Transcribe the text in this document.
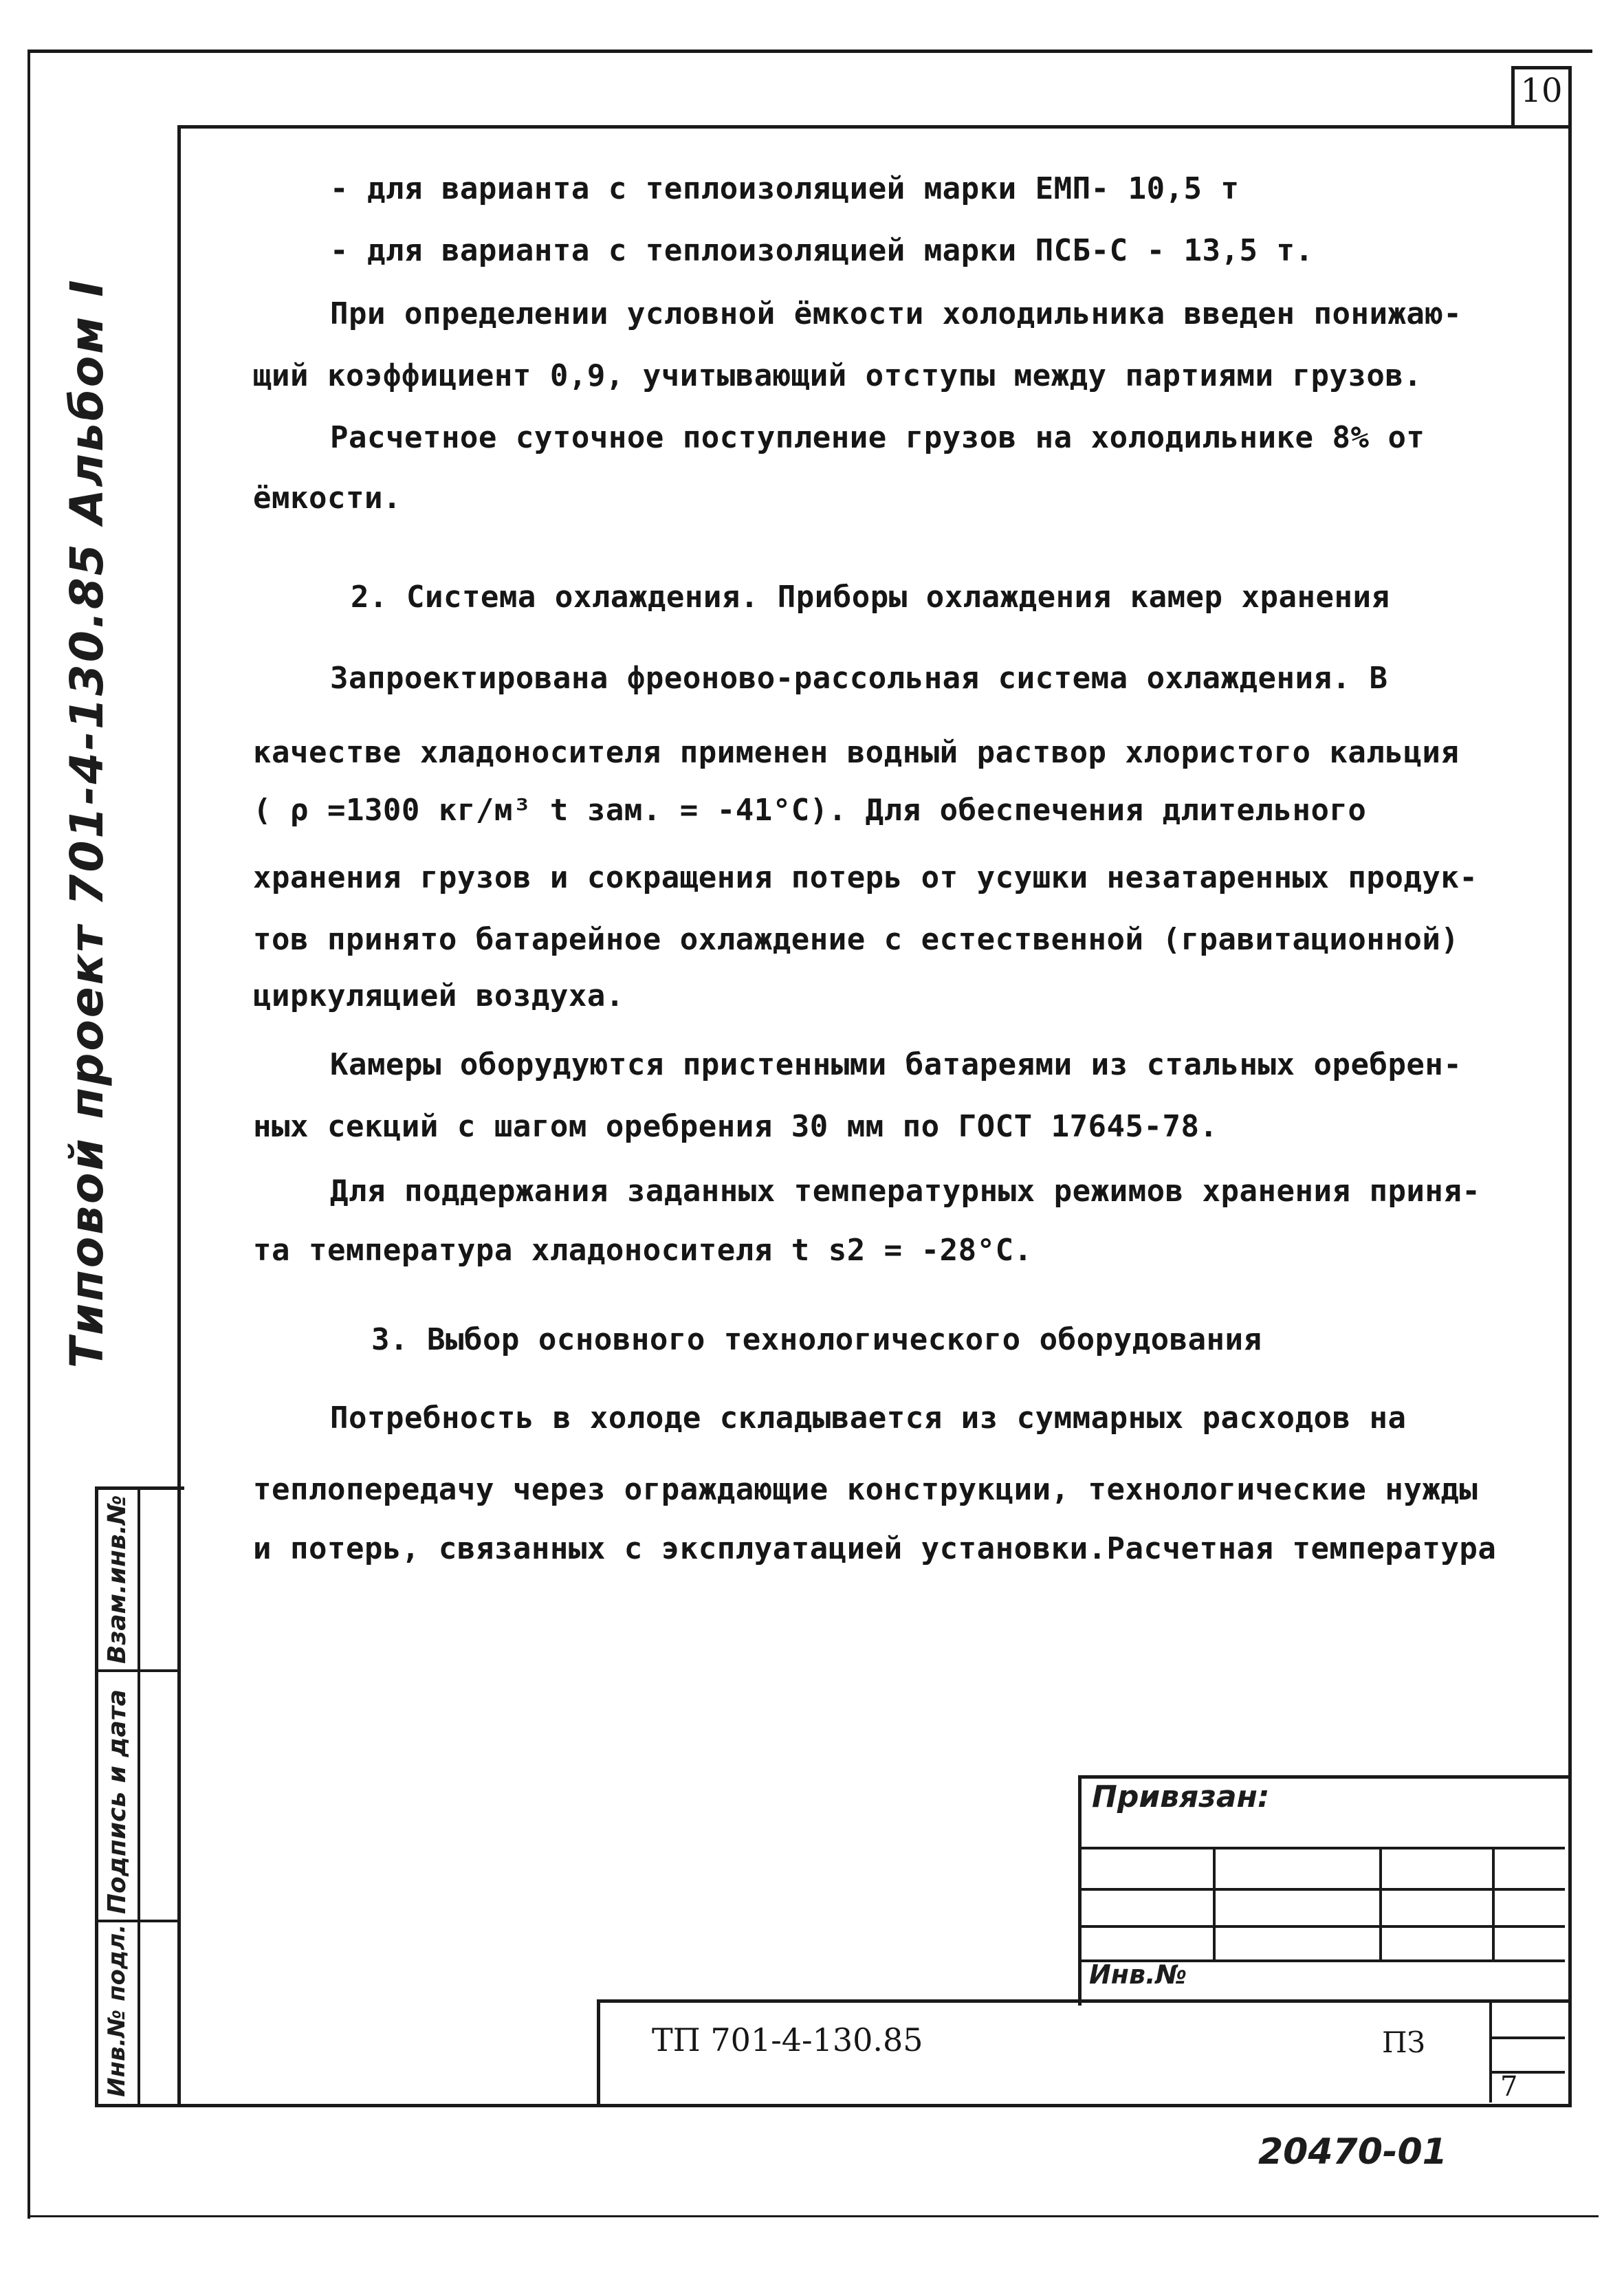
10
Типовой проект 701-4-130.85 Альбом I
- для варианта с теплоизоляцией марки ЕМП- 10,5 т
- для варианта с теплоизоляцией марки ПСБ-С - 13,5 т.
При определении условной ёмкости холодильника введен понижаю-
щий коэффициент 0,9, учитывающий отступы между партиями грузов.
Расчетное суточное поступление грузов на холодильнике 8% от
ёмкости.
2. Система охлаждения. Приборы охлаждения камер хранения
Запроектирована фреоново-рассольная система охлаждения. В
качестве хладоносителя применен водный раствор хлористого кальция
( ρ =1300 кг/м³ t зам. = -41°С). Для обеспечения длительного
хранения грузов и сокращения потерь от усушки незатаренных продук-
тов принято батарейное охлаждение с естественной (гравитационной)
циркуляцией воздуха.
Камеры оборудуются пристенными батареями из стальных оребрен-
ных секций с шагом оребрения 30 мм по ГОСТ 17645-78.
Для поддержания заданных температурных режимов хранения приня-
та температура хладоносителя t s2 = -28°С.
3. Выбор основного технологического оборудования
Потребность в холоде складывается из суммарных расходов на
теплопередачу через ограждающие конструкции, технологические нужды
и потерь, связанных с эксплуатацией установки.Расчетная температура
Взам.инв.№
Подпись и дата
Инв.№ подл.
Привязан:
Инв.№
ТП 701-4-130.85	ПЗ
7
20470-01
